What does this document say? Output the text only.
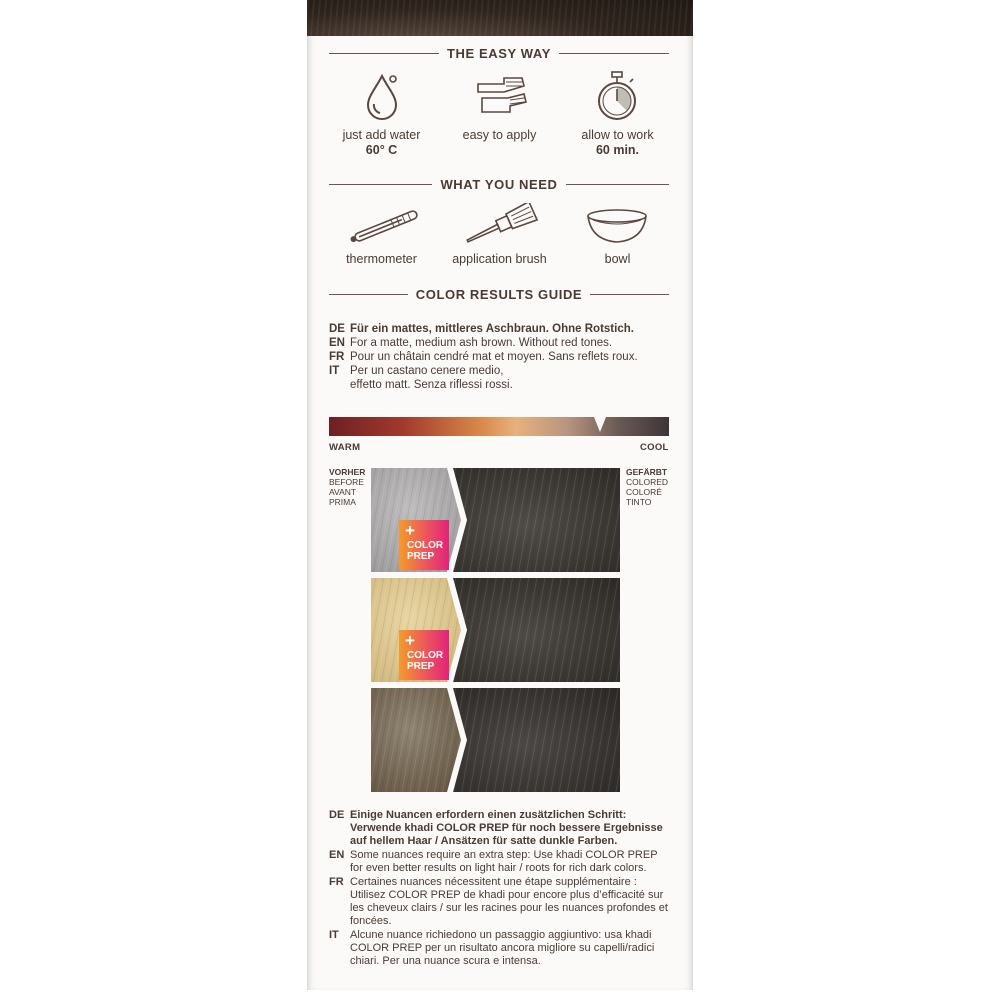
THE EASY WAY
just add water
60° C
easy to apply	allow to work
60 min.
WHAT YOU NEED
thermometer	application brush	bowl
COLOR RESULTS GUIDE
DE Für ein mattes, mittleres Aschbraun. Ohne Rotstich.
EN For a matte, medium ash brown. Without red tones.
FR Pour un châtain cendré mat et moyen. Sans reflets roux.
IT Per un castano cenere medio, effetto matt. Senza riflessi rossi.
WARM	COOL
VORHER
BEFORE
AVANT
PRIMA
GEFÄRBT
COLORED
COLORÉ
TINTO
+
COLOR
PREP
+
COLOR
PREP
DE Einige Nuancen erfordern einen zusätzlichen Schritt: Verwende khadi COLOR PREP für noch bessere Ergebnisse auf hellem Haar / Ansätzen für satte dunkle Farben.
EN Some nuances require an extra step: Use khadi COLOR PREP for even better results on light hair / roots for rich dark colors.
FR Certaines nuances nécessitent une étape supplémentaire : Utilisez COLOR PREP de khadi pour encore plus d’efficacité sur les cheveux clairs / sur les racines pour les nuances profondes et foncées.
IT	Alcune nuance richiedono un passaggio aggiuntivo: usa khadi COLOR PREP per un risultato ancora migliore su capelli/radici chiari. Per una nuance scura e intensa.
